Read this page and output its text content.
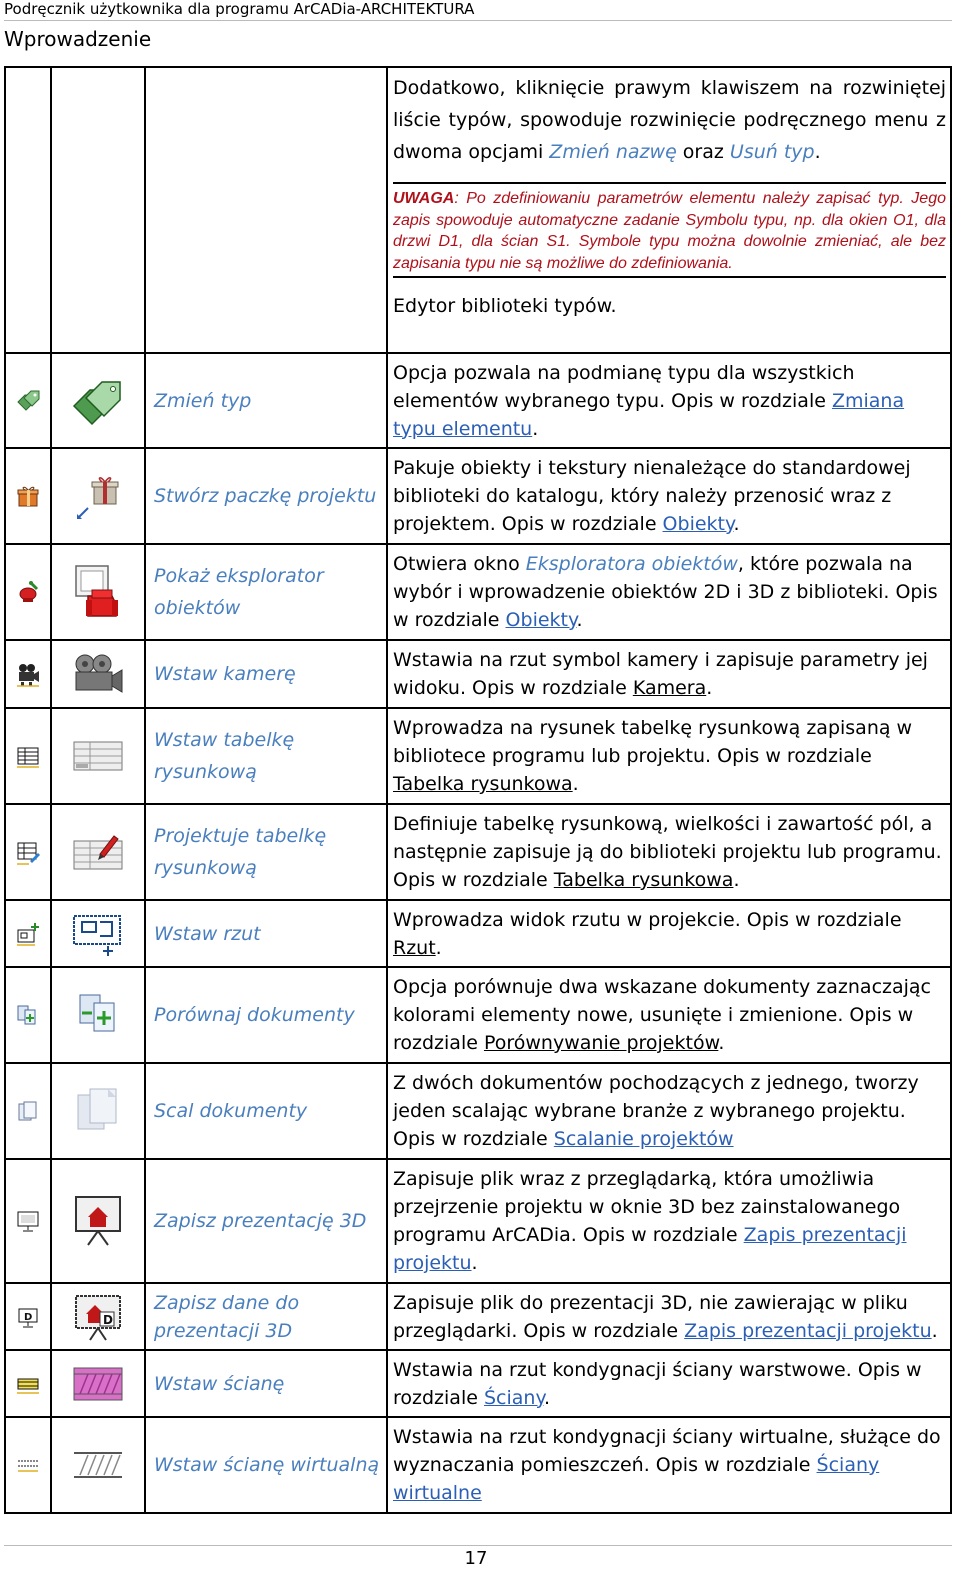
Podręcznik użytkownika dla programu ArCADia-ARCHITEKTURA
Wprowadzenie

			Dodatkowo, kliknięcie prawym klawiszem na rozwiniętej liście typów, spowoduje rozwinięcie podręcznego menu z dwoma opcjami Zmień nazwę oraz Usuń typ.
UWAGA: Po zdefiniowaniu parametrów elementu należy zapisać typ. Jego zapis spowoduje automatyczne zadanie Symbolu typu, np. dla okien O1, dla drzwi D1, dla ścian S1. Symbole typu można dowolnie zmieniać, ale bez zapisania typu nie są możliwe do zdefiniowania.
Edytor biblioteki typów.

Zmień typ	Opcja pozwala na podmianę typu dla wszystkich elementów wybranego typu. Opis w rozdziale Zmiana typu elementu.

Stwórz paczkę projektu	Pakuje obiekty i tekstury nienależące do standardowej biblioteki do katalogu, który należy przenosić wraz z projektem. Opis w rozdziale Obiekty.

Pokaż eksplorator obiektów	Otwiera okno Eksploratora obiektów, które pozwala na wybór i wprowadzenie obiektów 2D i 3D z biblioteki. Opis w rozdziale Obiekty.

Wstaw kamerę	Wstawia na rzut symbol kamery i zapisuje parametry jej widoku. Opis w rozdziale Kamera.

Wstaw tabelkę rysunkową	Wprowadza na rysunek tabelkę rysunkową zapisaną w bibliotece programu lub projektu. Opis w rozdziale Tabelka rysunkowa.

Projektuje tabelkę rysunkową	Definiuje tabelkę rysunkową, wielkości i zawartość pól, a następnie zapisuje ją do biblioteki projektu lub programu. Opis w rozdziale Tabelka rysunkowa.

Wstaw rzut	Wprowadza widok rzutu w projekcie. Opis w rozdziale Rzut.

Porównaj dokumenty	Opcja porównuje dwa wskazane dokumenty zaznaczając kolorami elementy nowe, usunięte i zmienione. Opis w rozdziale Porównywanie projektów.

Scal dokumenty	Z dwóch dokumentów pochodzących z jednego, tworzy jeden scalając wybrane branże z wybranego projektu. Opis w rozdziale Scalanie projektów

Zapisz prezentację 3D	Zapisuje plik wraz z przeglądarką, która umożliwia przejrzenie projektu w oknie 3D bez zainstalowanego programu ArCADia. Opis w rozdziale Zapis prezentacji projektu.

D	D	Zapisz dane do prezentacji 3D	Zapisuje plik do prezentacji 3D, nie zawierając w pliku przeglądarki. Opis w rozdziale Zapis prezentacji projektu.

Wstaw ścianę	Wstawia na rzut kondygnacji ściany warstwowe. Opis w rozdziale Ściany.

Wstaw ścianę wirtualną	Wstawia na rzut kondygnacji ściany wirtualne, służące do wyznaczania pomieszczeń. Opis w rozdziale Ściany wirtualne
17
